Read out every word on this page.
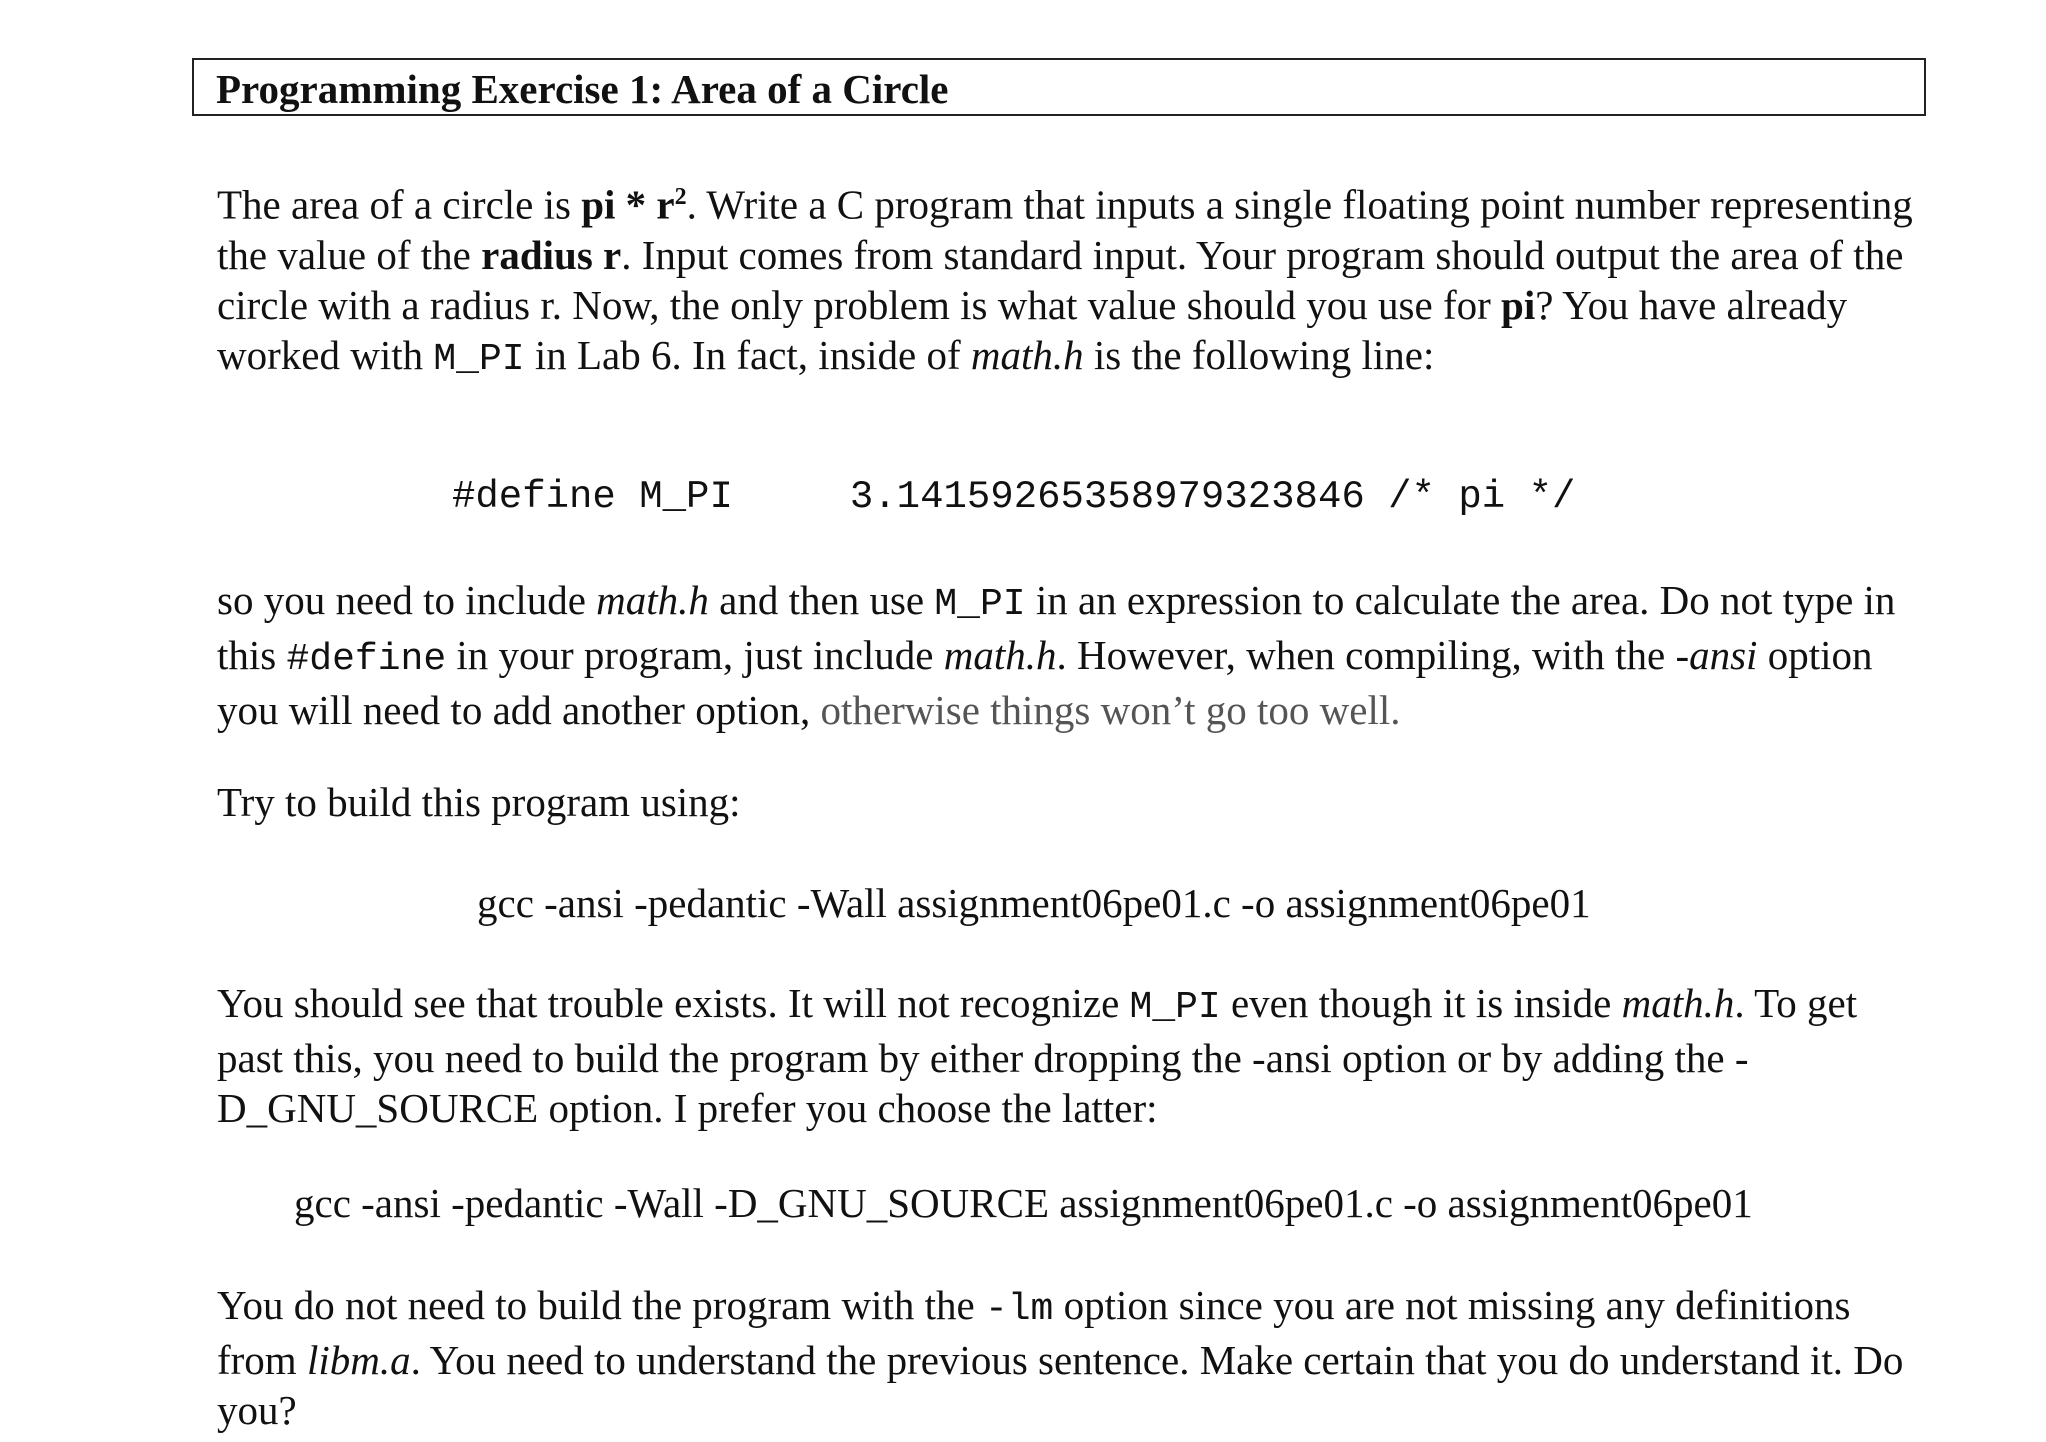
Programming Exercise 1: Area of a Circle

The area of a circle is pi * $r^2$. Write a C program that inputs a single floating point number representing the value of the radius r. Input comes from standard input. Your program should output the area of the circle with a radius r. Now, the only problem is what value should you use for pi? You have already worked with M_PI in Lab 6. In fact, inside of math.h is the following line:

#define M_PI     3.14159265358979323846 /* pi */

so you need to include math.h and then use M_PI in an expression to calculate the area. Do not type in this #define in your program, just include math.h. However, when compiling, with the -ansi option you will need to add another option, otherwise things won’t go too well.

Try to build this program using:

gcc -ansi -pedantic -Wall assignment06pe01.c -o assignment06pe01

You should see that trouble exists. It will not recognize M_PI even though it is inside math.h. To get past this, you need to build the program by either dropping the -ansi option or by adding the -D_GNU_SOURCE option. I prefer you choose the latter:

gcc -ansi -pedantic -Wall -D_GNU_SOURCE assignment06pe01.c -o assignment06pe01

You do not need to build the program with the -lm option since you are not missing any definitions from libm.a. You need to understand the previous sentence. Make certain that you do understand it. Do you?
